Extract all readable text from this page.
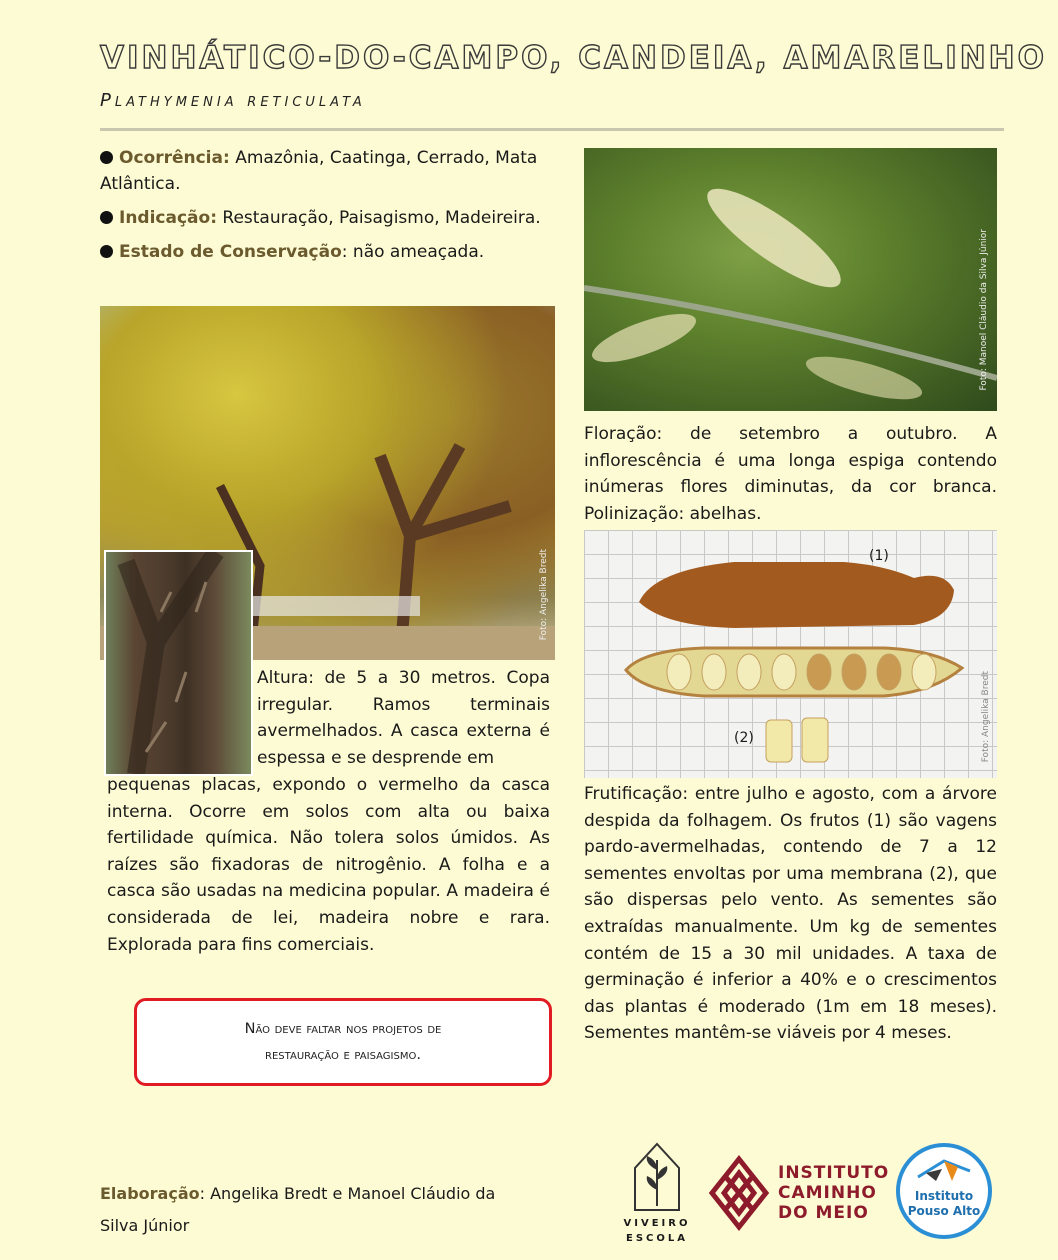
VINHÁTICO-DO-CAMPO, CANDEIA, AMARELINHO
Plathymenia reticulata

Ocorrência: Amazônia, Caatinga, Cerrado, Mata Atlântica.

Indicação: Restauração, Paisagismo, Madeireira.

Estado de Conservação: não ameaçada.

Foto: Angelika Bredt
Altura: de 5 a 30 metros. Copa irregular. Ramos terminais avermelhados. A casca externa é espessa e se desprende em
pequenas placas, expondo o vermelho da casca interna. Ocorre em solos com alta ou baixa fertilidade química. Não tolera solos úmidos. As raízes são fixadoras de nitrogênio. A folha e a casca são usadas na medicina popular. A madeira é considerada de lei, madeira nobre e rara. Explorada para fins comerciais.
Não deve faltar nos projetos de
restauração e paisagismo.
Foto: Manoel Cláudio da Silva Júnior
Floração: de setembro a outubro. A inflorescência é uma longa espiga contendo inúmeras flores diminutas, da cor branca. Polinização: abelhas.
(1)
(2)	Foto: Angelika Bredt
Frutificação: entre julho e agosto, com a árvore despida da folhagem. Os frutos (1) são vagens pardo-avermelhadas, contendo de 7 a 12 sementes envoltas por uma membrana (2), que são dispersas pelo vento. As sementes são extraídas manualmente. Um kg de sementes contém de 15 a 30 mil unidades. A taxa de germinação é inferior a 40% e o crescimentos das plantas é moderado (1m em 18 meses). Sementes mantêm-se viáveis por 4 meses.
Elaboração: Angelika Bredt e Manoel Cláudio da Silva Júnior	VIVEIRO
ESCOLA
INSTITUTO
CAMINHO
DO MEIO
Instituto
Pouso Alto
